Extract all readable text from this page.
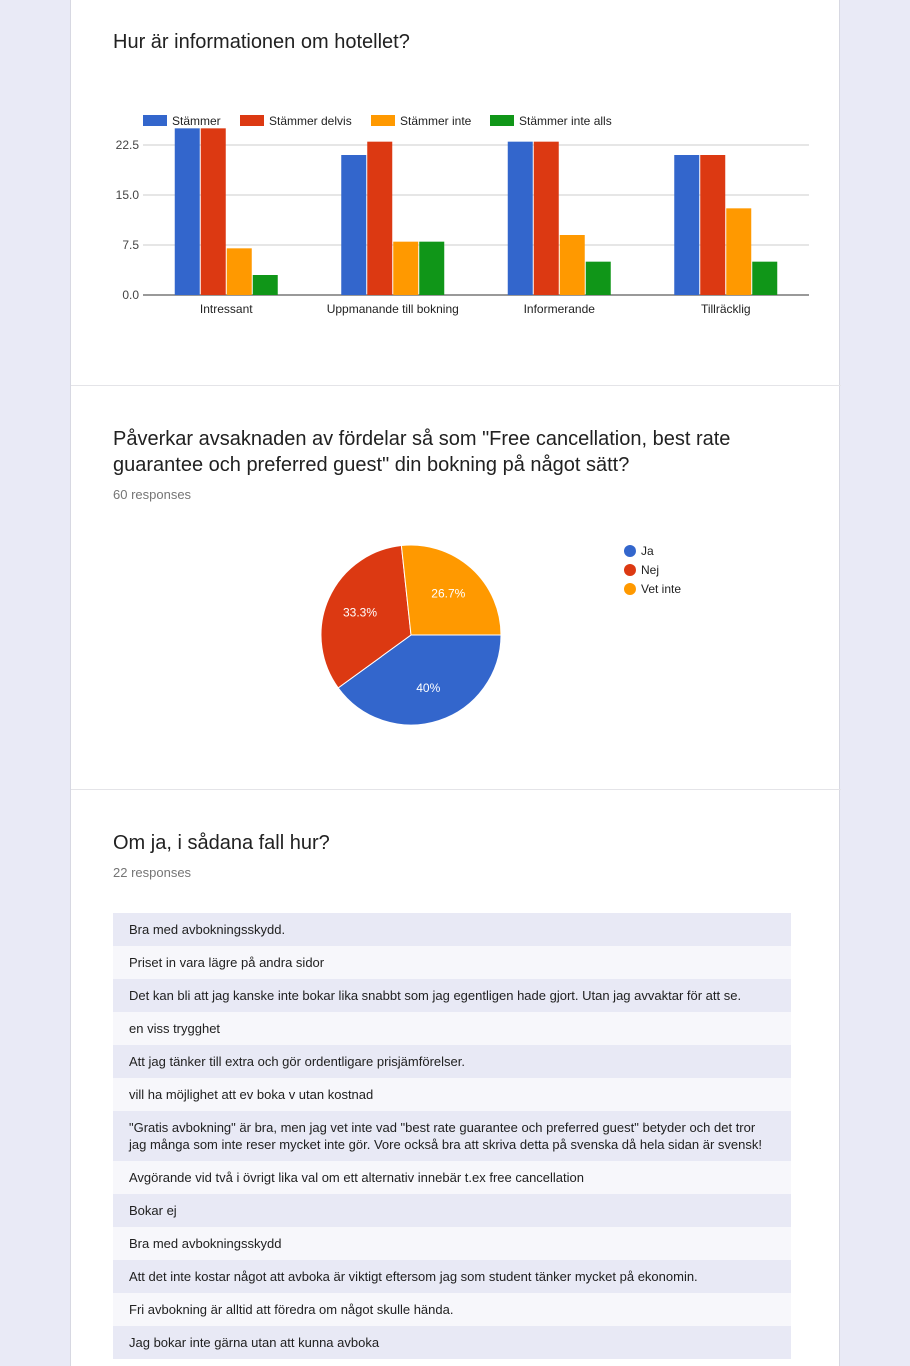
Hur är informationen om hotellet?
Stämmer	Stämmer delvis	Stämmer inte	Stämmer inte alls
0.0
7.5
15.0
22.5
Intressant	Uppmanande till bokning	Informerande	Tillräcklig
Påverkar avsaknaden av fördelar så som "Free cancellation, best rate guarantee och preferred guest" din bokning på något sätt?
60 responses
40%
33.3%
26.7%
Ja
Nej
Vet inte
Om ja, i sådana fall hur?
22 responses
Bra med avbokningsskydd.
Priset in vara lägre på andra sidor
Det kan bli att jag kanske inte bokar lika snabbt som jag egentligen hade gjort. Utan jag avvaktar för att se.
en viss trygghet
Att jag tänker till extra och gör ordentligare prisjämförelser.
vill ha möjlighet att ev boka v utan kostnad
"Gratis avbokning" är bra, men jag vet inte vad "best rate guarantee och preferred guest" betyder och det tror jag många som inte reser mycket inte gör. Vore också bra att skriva detta på svenska då hela sidan är svensk!
Avgörande vid två i övrigt lika val om ett alternativ innebär t.ex free cancellation
Bokar ej
Bra med avbokningsskydd
Att det inte kostar något att avboka är viktigt eftersom jag som student tänker mycket på ekonomin.
Fri avbokning är alltid att föredra om något skulle hända.
Jag bokar inte gärna utan att kunna avboka
